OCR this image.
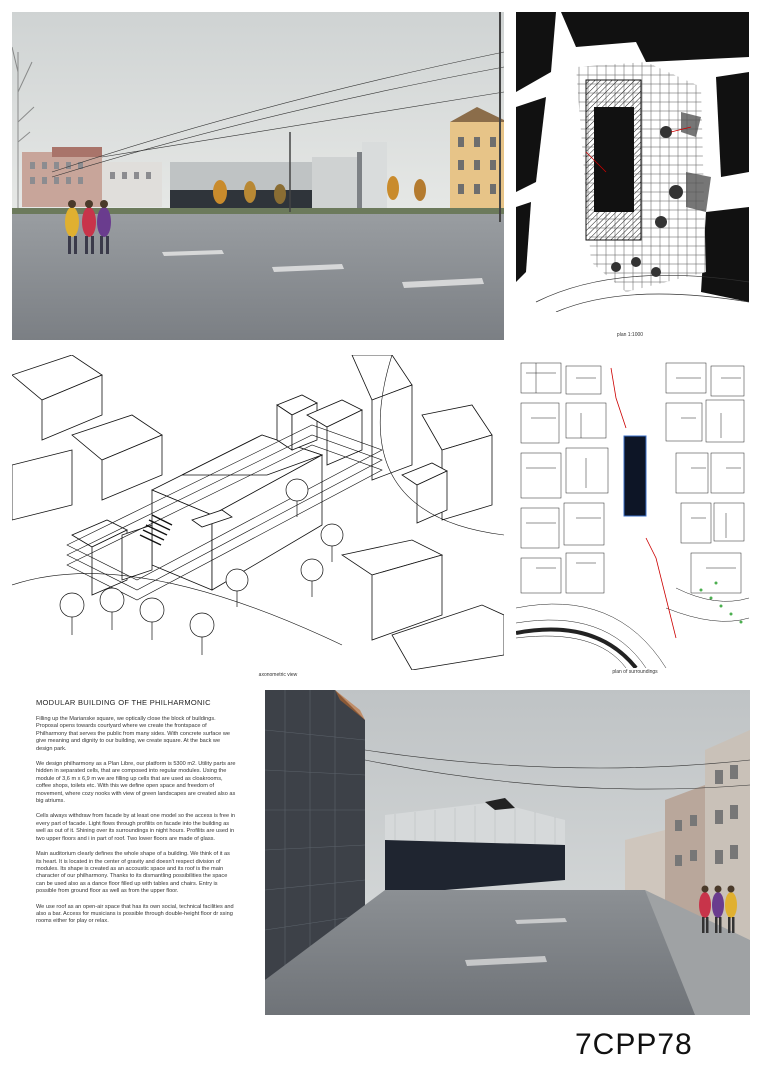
plan 1:1000
axonometric view	plan of surroundings
MODULAR BUILDING OF THE PHILHARMONIC

Filling up the Marianske square, we optically close the block of buildings. Proposal opens towards courtyard where we create the frontspace of Philharmony that serves the public from many sides. With concrete surface we give meaning and dignity to our building, we create square. At the back we design park.

We design philharmony as a Plan Libre, our platform is 5300 m2. Utility parts are hidden in separated cells, that are composed into regular modules. Using the module of 3,6 m x 6,9 m we are filling up cells that are used as cloakrooms, coffee shops, toilets etc. With this we define open space and freedom of movement, where cozy nooks with view of green landscapes are created also as big atriums.

Cells always withdraw from facade by at least one model so the access is free in every part of facade. Light flows through profilits on facade into the building as well as out of it. Shining over its surroundings in night hours. Profilits are used in two upper floors and i in part of roof. Two lower floors are made of glass.

Main auditorium clearly defines the whole shape of a building. We think of it as its heart. It is located in the center of gravity and doesn't respect division of modules. Its shape is created as an accoustic space and its roof is the main character of our philharmony. Thanks to its dismantling possibilities the space can be used also as a dance floor filled up with tables and chairs. Entry is possible from ground floor as well as from the upper floor.

We use roof as an open-air space that has its own social, technical facilities and also a bar. Access for musicians is possible through double-height floor dr ssing rooms either for play or relax.

7CPP78
